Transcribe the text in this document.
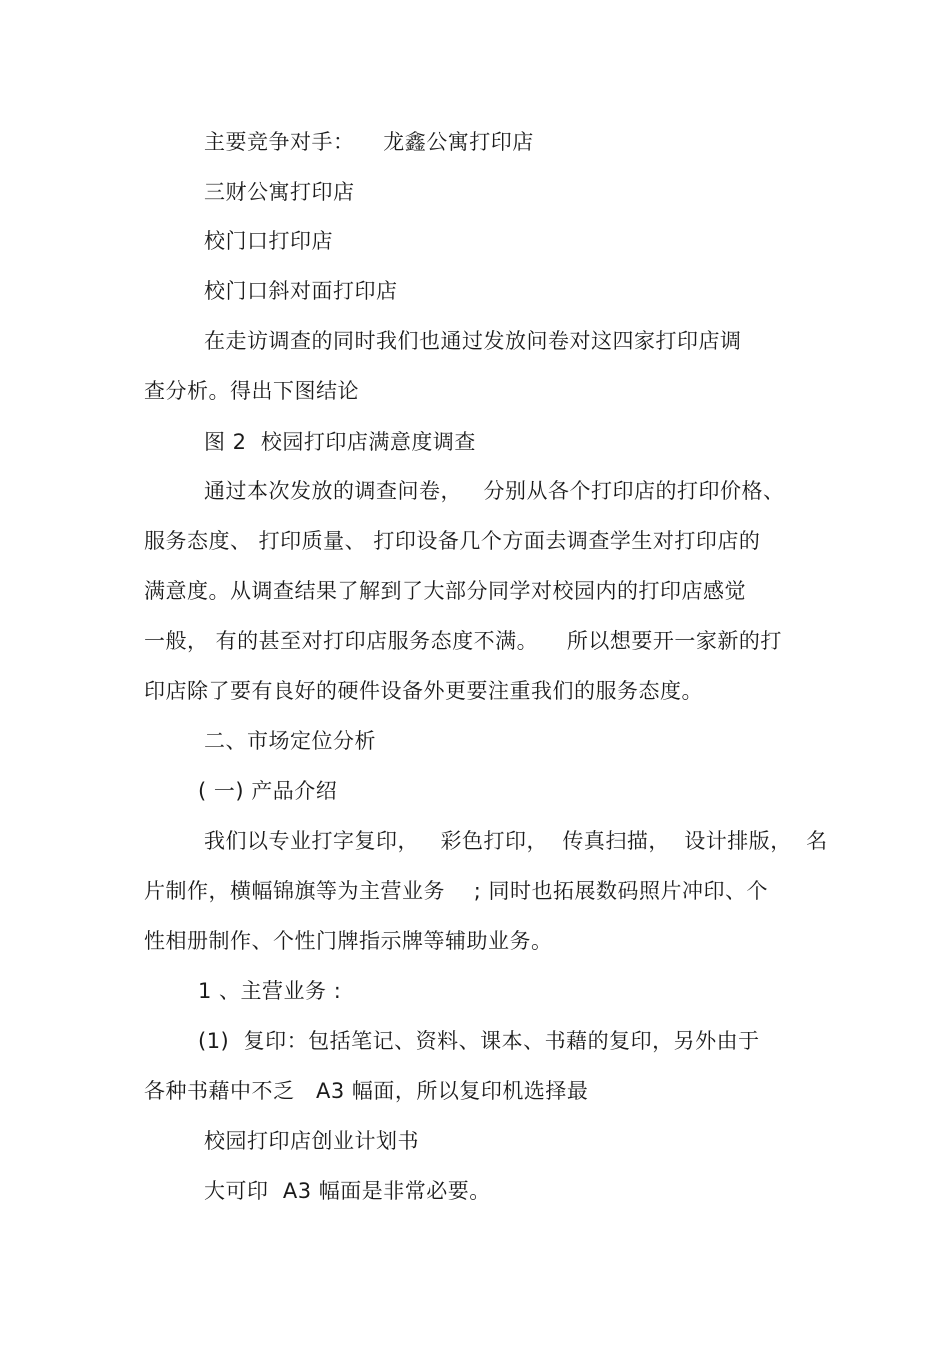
主要竞争对手：    龙鑫公寓打印店
三财公寓打印店
校门口打印店
校门口斜对面打印店
在走访调查的同时我们也通过发放问卷对这四家打印店调
查分析。得出下图结论
图 2  校园打印店满意度调查
通过本次发放的调查问卷，   分别从各个打印店的打印价格、
服务态度、 打印质量、 打印设备几个方面去调查学生对打印店的
满意度。从调查结果了解到了大部分同学对校园内的打印店感觉
一般， 有的甚至对打印店服务态度不满。    所以想要开一家新的打
印店除了要有良好的硬件设备外更要注重我们的服务态度。
二、市场定位分析
( 一) 产品介绍
我们以专业打字复印，   彩色打印，  传真扫描，  设计排版，  名
片制作，横幅锦旗等为主营业务    ; 同时也拓展数码照片冲印、个
性相册制作、个性门牌指示牌等辅助业务。
1 、主营业务 :
(1)  复印：包括笔记、资料、课本、书藉的复印，另外由于
各种书藉中不乏   A3 幅面，所以复印机选择最
校园打印店创业计划书
大可印  A3 幅面是非常必要。
